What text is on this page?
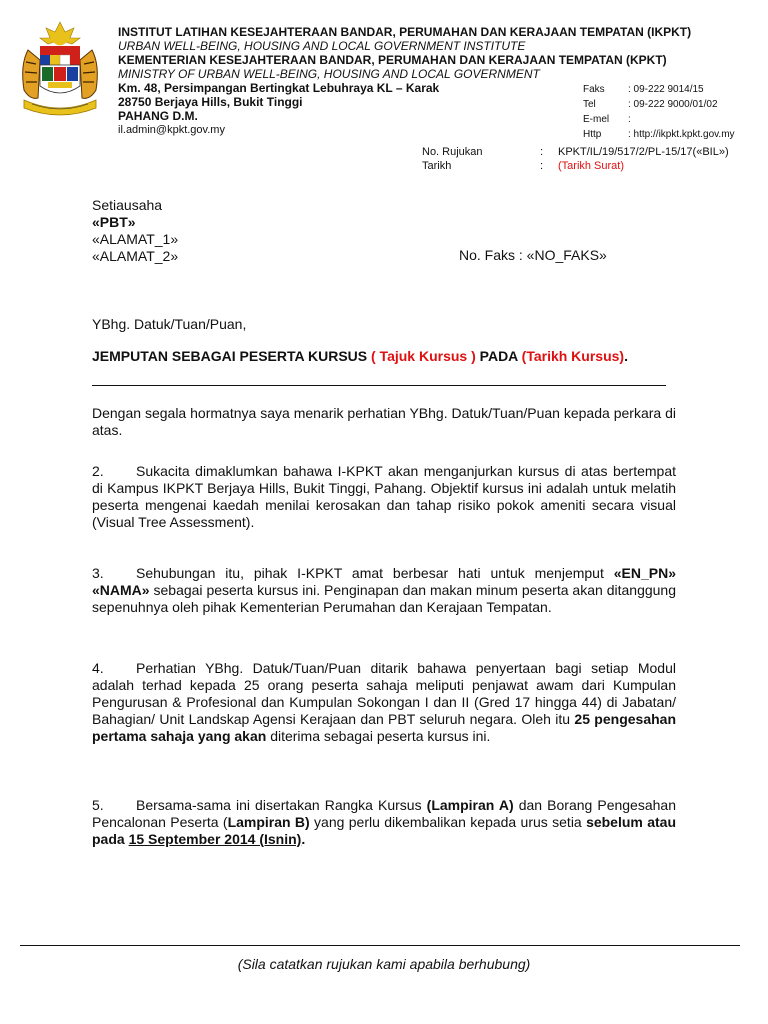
INSTITUT LATIHAN KESEJAHTERAAN BANDAR, PERUMAHAN DAN KERAJAAN TEMPATAN (IKPKT)
URBAN WELL-BEING, HOUSING AND LOCAL GOVERNMENT INSTITUTE
KEMENTERIAN KESEJAHTERAAN BANDAR, PERUMAHAN DAN KERAJAAN TEMPATAN (KPKT)
MINISTRY OF URBAN WELL-BEING, HOUSING AND LOCAL GOVERNMENT
Km. 48, Persimpangan Bertingkat Lebuhraya KL – Karak
28750 Berjaya Hills, Bukit Tinggi
PAHANG D.M.
il.admin@kpkt.gov.my
Faks	: 09-222 9014/15
Tel	: 09-222 9000/01/02
E-mel	:
Http	: http://ikpkt.kpkt.gov.my
No. Rujukan	:	KPKT/IL/19/517/2/PL-15/17(«BIL»)
Tarikh	:	(Tarikh Surat)
Setiausaha
«PBT»
«ALAMAT_1»
«ALAMAT_2»	No. Faks : «NO_FAKS»
YBhg. Datuk/Tuan/Puan,
JEMPUTAN SEBAGAI PESERTA KURSUS ( Tajuk Kursus ) PADA (Tarikh Kursus).
Dengan segala hormatnya saya menarik perhatian YBhg. Datuk/Tuan/Puan kepada perkara di atas.
2. Sukacita dimaklumkan bahawa I-KPKT akan menganjurkan kursus di atas bertempat di Kampus IKPKT Berjaya Hills, Bukit Tinggi, Pahang. Objektif kursus ini adalah untuk melatih peserta mengenai kaedah menilai kerosakan dan tahap risiko pokok ameniti secara visual (Visual Tree Assessment).
3. Sehubungan itu, pihak I-KPKT amat berbesar hati untuk menjemput «EN_PN» «NAMA» sebagai peserta kursus ini. Penginapan dan makan minum peserta akan ditanggung sepenuhnya oleh pihak Kementerian Perumahan dan Kerajaan Tempatan.
4. Perhatian YBhg. Datuk/Tuan/Puan ditarik bahawa penyertaan bagi setiap Modul adalah terhad kepada 25 orang peserta sahaja meliputi penjawat awam dari Kumpulan Pengurusan & Profesional dan Kumpulan Sokongan I dan II (Gred 17 hingga 44) di Jabatan/ Bahagian/ Unit Landskap Agensi Kerajaan dan PBT seluruh negara. Oleh itu 25 pengesahan pertama sahaja yang akan diterima sebagai peserta kursus ini.
5. Bersama-sama ini disertakan Rangka Kursus (Lampiran A) dan Borang Pengesahan Pencalonan Peserta (Lampiran B) yang perlu dikembalikan kepada urus setia sebelum atau pada 15 September 2014 (Isnin).
(Sila catatkan rujukan kami apabila berhubung)
